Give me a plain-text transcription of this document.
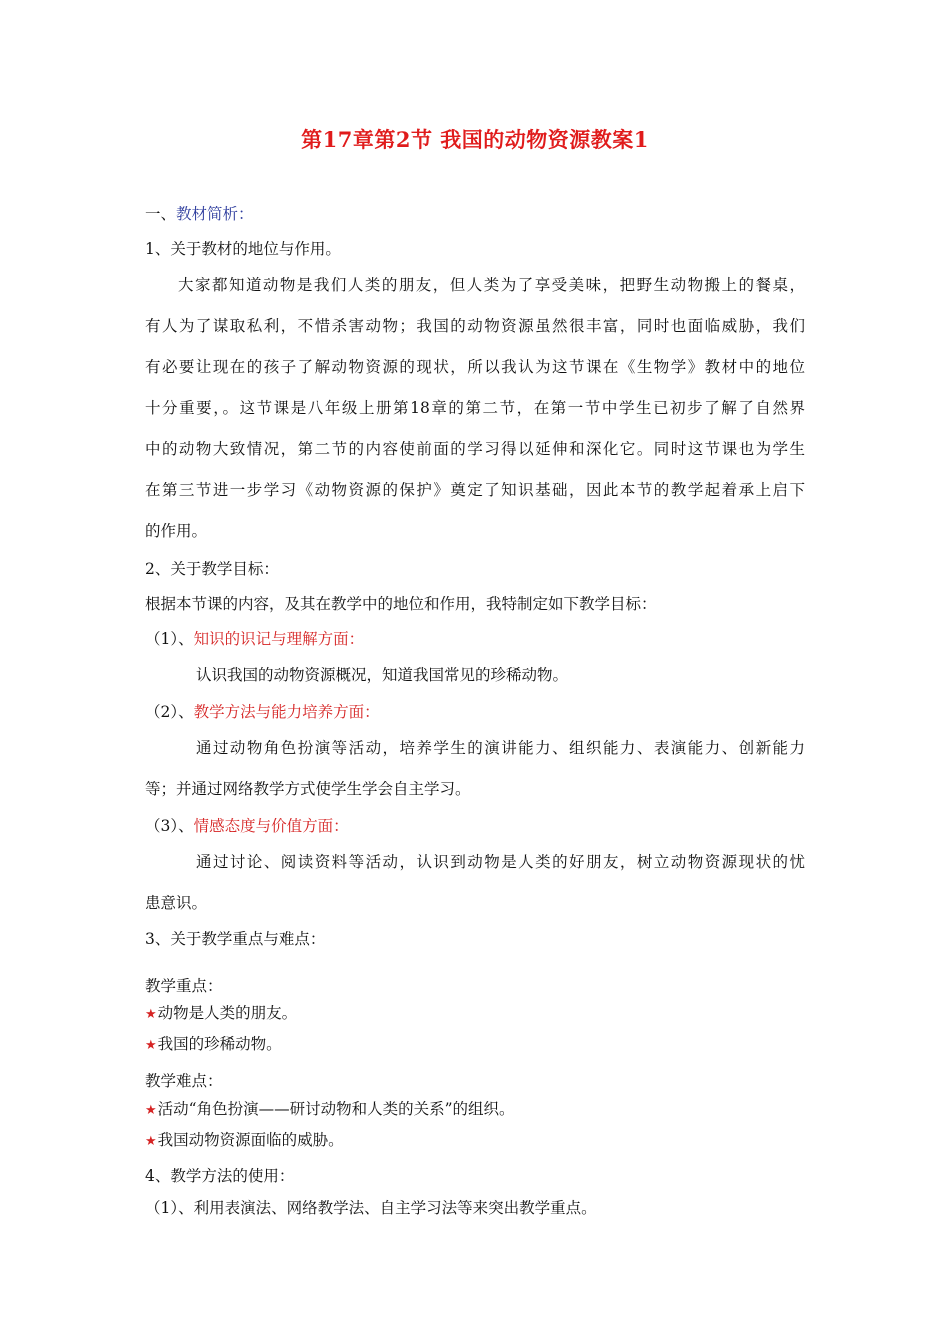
第17章第2节 我国的动物资源教案1
一、教材简析：
1、关于教材的地位与作用。
大家都知道动物是我们人类的朋友，但人类为了享受美味，把野生动物搬上的餐桌，
有人为了谋取私利，不惜杀害动物；我国的动物资源虽然很丰富，同时也面临威胁，我们
有必要让现在的孩子了解动物资源的现状，所以我认为这节课在《生物学》教材中的地位
十分重要，。这节课是八年级上册第18章的第二节，在第一节中学生已初步了解了自然界
中的动物大致情况，第二节的内容使前面的学习得以延伸和深化它。同时这节课也为学生
在第三节进一步学习《动物资源的保护》奠定了知识基础，因此本节的教学起着承上启下
的作用。
2、关于教学目标：
根据本节课的内容，及其在教学中的地位和作用，我特制定如下教学目标：
（1）、知识的识记与理解方面：
认识我国的动物资源概况，知道我国常见的珍稀动物。
（2）、教学方法与能力培养方面：
通过动物角色扮演等活动，培养学生的演讲能力、组织能力、表演能力、创新能力
等；并通过网络教学方式使学生学会自主学习。
（3）、情感态度与价值方面：
通过讨论、阅读资料等活动，认识到动物是人类的好朋友，树立动物资源现状的忧
患意识。
3、关于教学重点与难点：
教学重点：
★动物是人类的朋友。
★我国的珍稀动物。
教学难点：
★活动“角色扮演——研讨动物和人类的关系”的组织。
★我国动物资源面临的威胁。
4、教学方法的使用：
（1）、利用表演法、网络教学法、自主学习法等来突出教学重点。
